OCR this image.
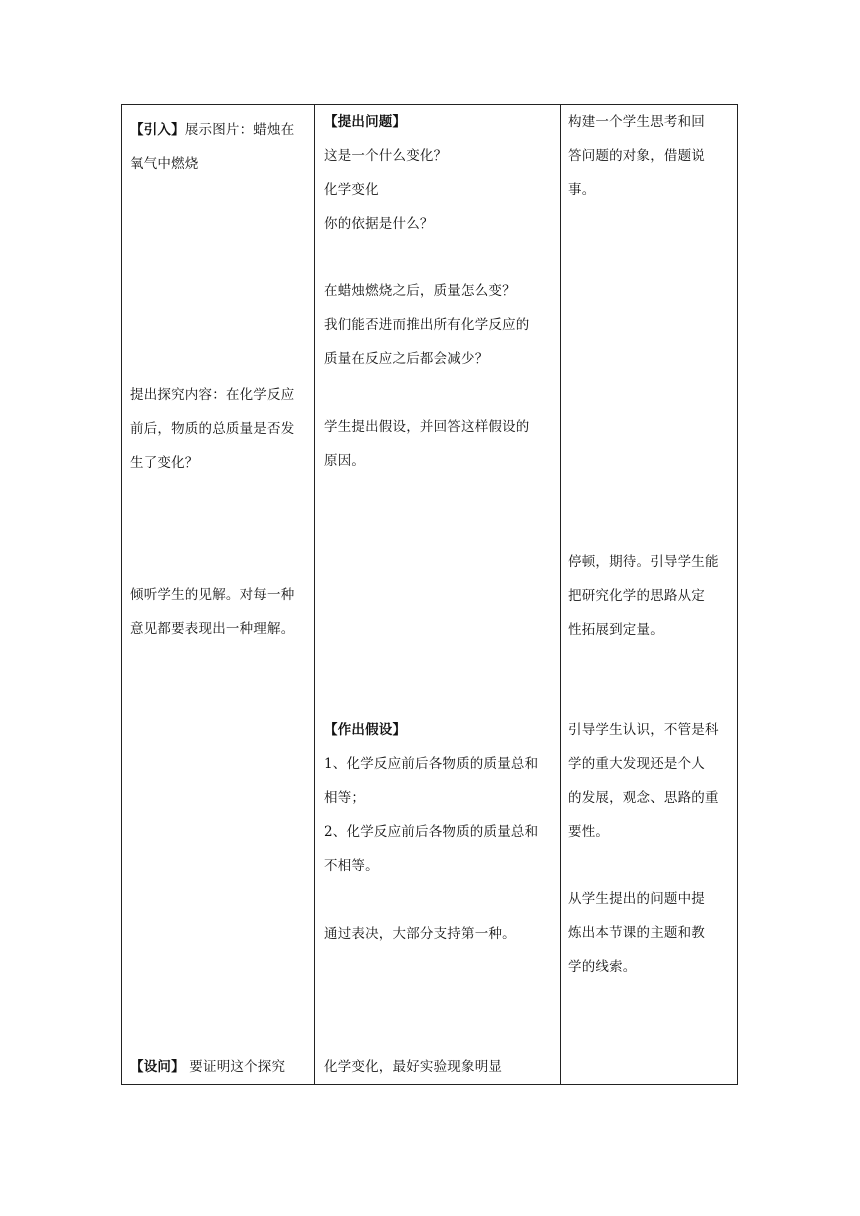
【引入】展示图片：蜡烛在
氧气中燃烧
提出探究内容：在化学反应
前后，物质的总质量是否发
生了变化？
倾听学生的见解。对每一种
意见都要表现出一种理解。
【设问】 要证明这个探究
【提出问题】
这是一个什么变化？
化学变化
你的依据是什么？
在蜡烛燃烧之后，质量怎么变？
我们能否进而推出所有化学反应的
质量在反应之后都会减少？
学生提出假设，并回答这样假设的
原因。
【作出假设】
1、化学反应前后各物质的质量总和
相等；
2、化学反应前后各物质的质量总和
不相等。
通过表决，大部分支持第一种。
化学变化，最好实验现象明显
构建一个学生思考和回
答问题的对象，借题说
事。
停顿，期待。引导学生能
把研究化学的思路从定
性拓展到定量。
引导学生认识，不管是科
学的重大发现还是个人
的发展，观念、思路的重
要性。
从学生提出的问题中提
炼出本节课的主题和教
学的线索。
